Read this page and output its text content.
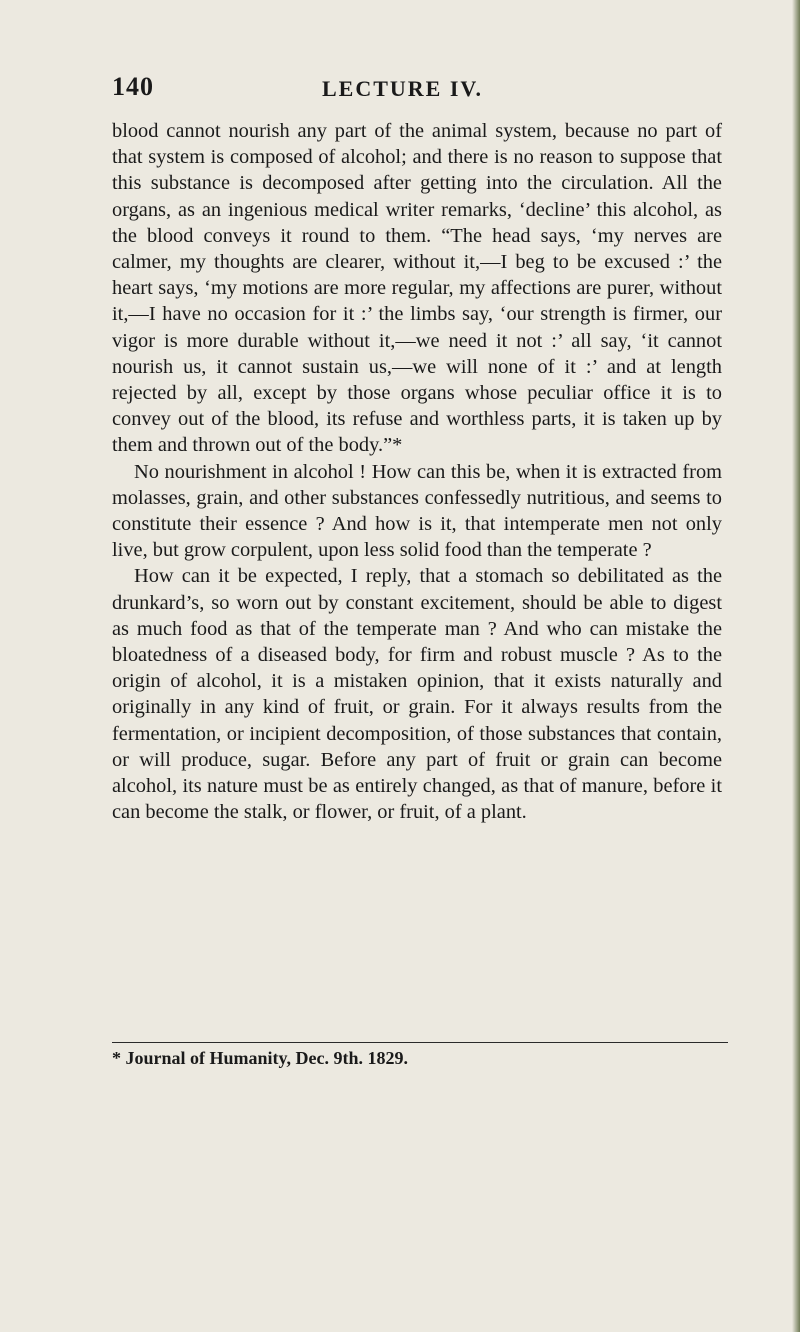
140	LECTURE IV.

blood cannot nourish any part of the animal system, because no part of that system is composed of alcohol; and there is no reason to suppose that this substance is decomposed after getting into the circulation. All the organs, as an ingenious medical writer remarks, ‘decline’ this alcohol, as the blood conveys it round to them. “The head says, ‘my nerves are calmer, my thoughts are clearer, without it,—I beg to be excused :’ the heart says, ‘my motions are more regular, my affections are purer, without it,—I have no occasion for it :’ the limbs say, ‘our strength is firmer, our vigor is more durable without it,—we need it not :’ all say, ‘it cannot nourish us, it cannot sustain us,—we will none of it :’ and at length rejected by all, except by those organs whose peculiar office it is to convey out of the blood, its refuse and worthless parts, it is taken up by them and thrown out of the body.”*

No nourishment in alcohol ! How can this be, when it is extracted from molasses, grain, and other substances confessedly nutritious, and seems to constitute their essence ? And how is it, that intemperate men not only live, but grow corpulent, upon less solid food than the temperate ?

How can it be expected, I reply, that a stomach so debilitated as the drunkard’s, so worn out by constant excitement, should be able to digest as much food as that of the temperate man ? And who can mistake the bloatedness of a diseased body, for firm and robust muscle ? As to the origin of alcohol, it is a mistaken opinion, that it exists naturally and originally in any kind of fruit, or grain. For it always results from the fermentation, or incipient decomposition, of those substances that contain, or will produce, sugar. Before any part of fruit or grain can become alcohol, its nature must be as entirely changed, as that of manure, before it can become the stalk, or flower, or fruit, of a plant.

* Journal of Humanity, Dec. 9th. 1829.
